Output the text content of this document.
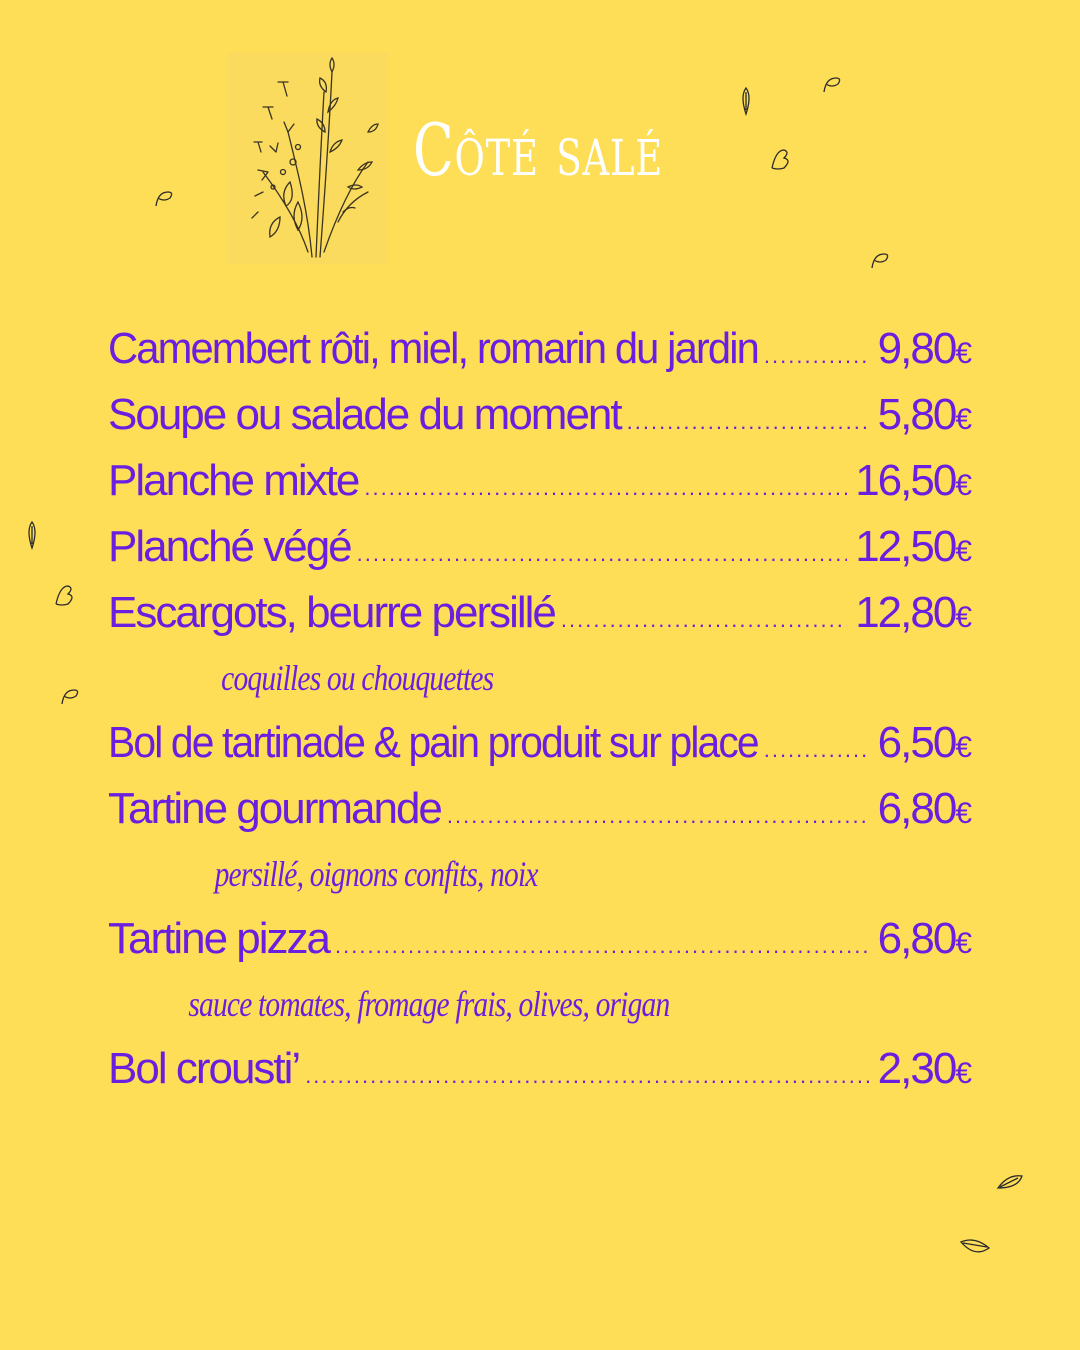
Côté salé
Camembert rôti, miel, romarin du jardin .....	9,80€
Soupe ou salade du moment .....	5,80€
Planche mixte .....	16,50€
Planché végé .....	12,50€
Escargots, beurre persillé .....	12,80€
coquilles ou chouquettes
Bol de tartinade & pain produit sur place .....	6,50€
Tartine gourmande .....	6,80€
persillé, oignons confits, noix
Tartine pizza .....	6,80€
sauce tomates, fromage frais, olives, origan
Bol crousti’ .....	2,30€
